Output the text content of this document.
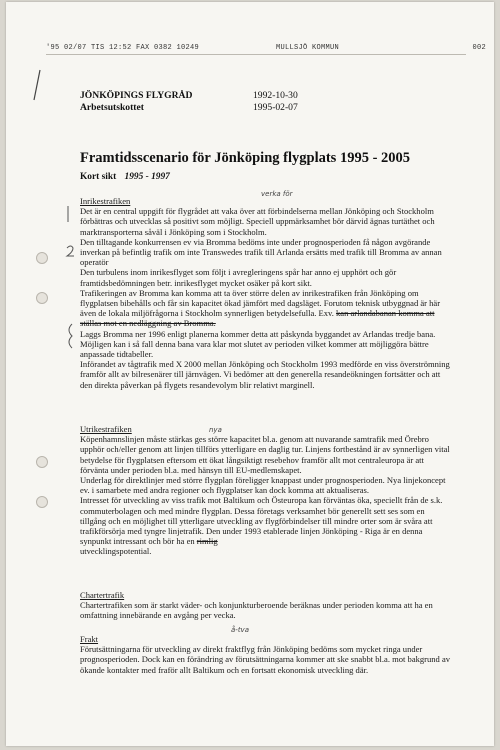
'95 02/07 TIS 12:52 FAX 0382 10249	MULLSJÖ KOMMUN	002
JÖNKÖPINGS FLYGRÅD
Arbetsutskottet
1992-10-30
1995-02-07
Framtidsscenario för Jönköping flygplats 1995 - 2005
Kort sikt 1995 - 1997
verka för
Inrikestrafiken
Det är en central uppgift för flygrådet att vaka över att förbindelserna mellan Jönköping och Stockholm förbättras och utvecklas så positivt som möjligt. Speciell uppmärksamhet bör därvid ägnas turtäthet och marktransporterna såväl i Jönköping som i Stockholm.
Den tilltagande konkurrensen ev via Bromma bedöms inte under prognosperioden få någon avgörande inverkan på befintlig trafik om inte Transwedes trafik till Arlanda ersätts med trafik till Bromma av annan operatör
Den turbulens inom inrikesflyget som följt i avregleringens spår har anno ej upphört och gör framtidsbedömningen betr. inrikesflyget mycket osäker på kort sikt.
Trafikeringen av Bromma kan komma att ta över större delen av inrikestrafiken från Jönköping om flygplatsen bibehålls och får sin kapacitet ökad jämfört med dagsläget. Forutom teknisk utbyggnad är här även de lokala miljöfrågorna i Stockholm synnerligen betydelsefulla. Exv. kan arlandabanan komma att ställas mot en nedläggning av Bromma.
Laggs Bromma ner 1996 enligt planerna kommer detta att påskynda byggandet av Arlandas tredje bana. Möjligen kan i så fall denna bana vara klar mot slutet av perioden vilket kommer att möjliggöra bättre anpassade tidtabeller.
Införandet av tågtrafik med X 2000 mellan Jönköping och Stockholm 1993 medförde en viss överströmning framför allt av bilresenärer till järnvägen. Vi bedömer att den generella resandeökningen fortsätter och att den direkta påverkan på flygets resandevolym blir relativt marginell.
nya
Utrikestrafiken
Köpenhamnslinjen måste stärkas ges större kapacitet bl.a. genom att nuvarande samtrafik med Örebro upphör och/eller genom att linjen tillförs ytterligare en daglig tur. Linjens fortbestånd är av synnerligen vital betydelse för flygplatsen eftersom ett ökat långsiktigt resebehov framför allt mot centraleuropa är att förvänta under perioden bl.a. med hänsyn till EU-medlemskapet.
Underlag för direktlinjer med större flygplan föreligger knappast under prognosperioden. Nya linjekoncept ev. i samarbete med andra regioner och flygplatser kan dock komma att aktualiseras.
Intresset för utveckling av viss trafik mot Baltikum och Östeuropa kan förväntas öka, speciellt från de s.k. commuterbolagen och med mindre flygplan. Dessa företags verksamhet bör generellt sett ses som en tillgång och en möjlighet till ytterligare utveckling av flygförbindelser till mindre orter som är svåra att trafikförsörja med tyngre linjetrafik. Den under 1993 etablerade linjen Jönköping - Riga är en denna synpunkt intressant och bör ha en rimlig
utvecklingspotential.
Chartertrafik
Chartertrafiken som är starkt väder- och konjunkturberoende beräknas under perioden komma att ha en omfattning innebärande en avgång per vecka.
å-tva
Frakt
Förutsättningarna för utveckling av direkt fraktflyg från Jönköping bedöms som mycket ringa under prognosperioden. Dock kan en förändring av förutsättningarna kommer att ske snabbt bl.a. mot bakgrund av ökande kontakter med fraför allt Baltikum och en fortsatt ekonomisk utveckling där.
